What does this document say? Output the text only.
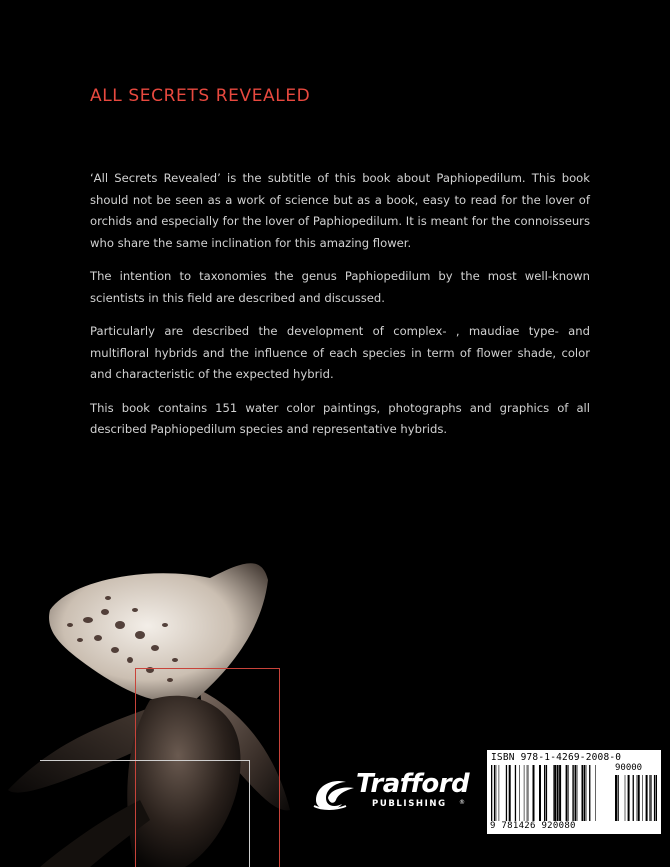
ALL SECRETS REVEALED

‘All Secrets Revealed’ is the subtitle of this book about Paphiopedilum. This book should not be seen as a work of science but as a book, easy to read for the lover of orchids and especially for the lover of Paphiopedilum. It is meant for the connoisseurs who share the same inclination for this amazing flower.

The intention to taxonomies the genus Paphiopedilum by the most well-known scientists in this field are described and discussed.

Particularly are described the development of complex- , maudiae type- and multifloral hybrids and the influence of each species in term of flower shade, color and characteristic of the expected hybrid.

This book contains 151 water color paintings, photographs and graphics of all described Paphiopedilum species and representative hybrids.

Trafford
PUBLISHING ®
ISBN 978-1-4269-2008-0
90000
9 781426 920080
